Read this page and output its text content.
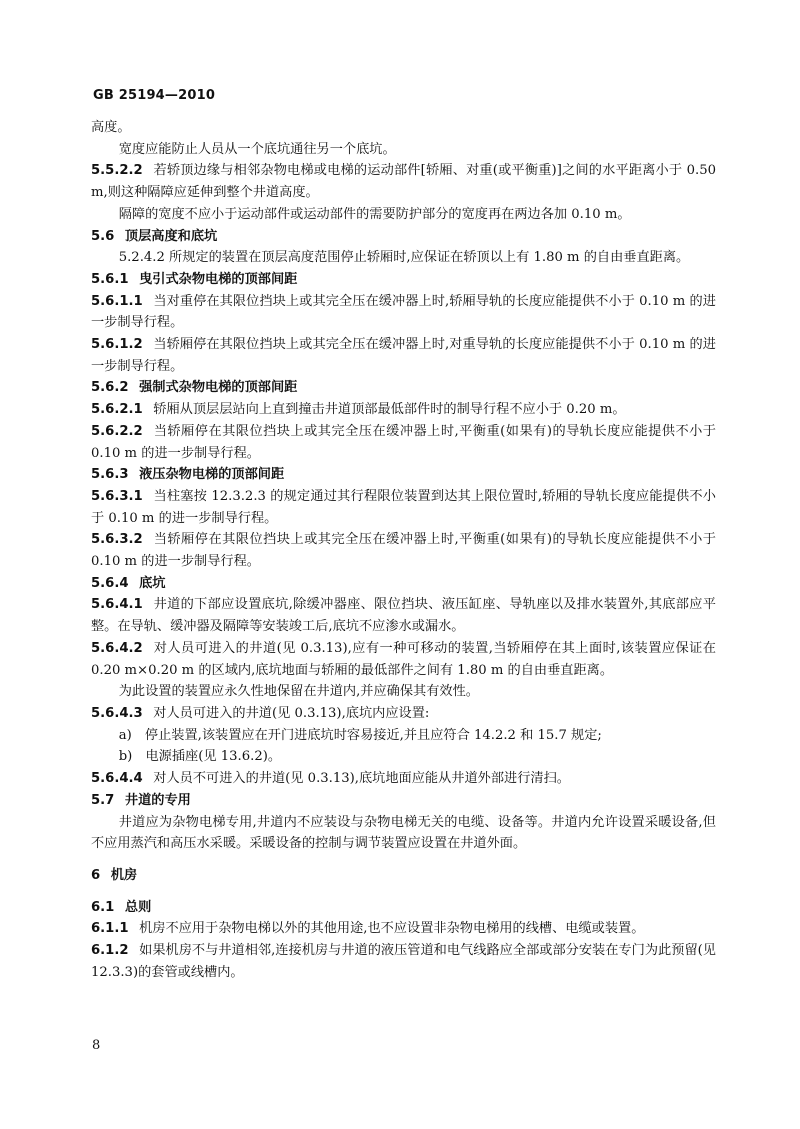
GB 25194—2010

高度。

宽度应能防止人员从一个底坑通往另一个底坑。

5.5.2.2 若轿顶边缘与相邻杂物电梯或电梯的运动部件[轿厢、对重(或平衡重)]之间的水平距离小于 0.50 m,则这种隔障应延伸到整个井道高度。

隔障的宽度不应小于运动部件或运动部件的需要防护部分的宽度再在两边各加 0.10 m。

5.6 顶层高度和底坑

5.2.4.2 所规定的装置在顶层高度范围停止轿厢时,应保证在轿顶以上有 1.80 m 的自由垂直距离。

5.6.1 曳引式杂物电梯的顶部间距

5.6.1.1 当对重停在其限位挡块上或其完全压在缓冲器上时,轿厢导轨的长度应能提供不小于 0.10 m 的进一步制导行程。

5.6.1.2 当轿厢停在其限位挡块上或其完全压在缓冲器上时,对重导轨的长度应能提供不小于 0.10 m 的进一步制导行程。

5.6.2 强制式杂物电梯的顶部间距

5.6.2.1 轿厢从顶层层站向上直到撞击井道顶部最低部件时的制导行程不应小于 0.20 m。

5.6.2.2 当轿厢停在其限位挡块上或其完全压在缓冲器上时,平衡重(如果有)的导轨长度应能提供不小于 0.10 m 的进一步制导行程。

5.6.3 液压杂物电梯的顶部间距

5.6.3.1 当柱塞按 12.3.2.3 的规定通过其行程限位装置到达其上限位置时,轿厢的导轨长度应能提供不小于 0.10 m 的进一步制导行程。

5.6.3.2 当轿厢停在其限位挡块上或其完全压在缓冲器上时,平衡重(如果有)的导轨长度应能提供不小于 0.10 m 的进一步制导行程。

5.6.4 底坑

5.6.4.1 井道的下部应设置底坑,除缓冲器座、限位挡块、液压缸座、导轨座以及排水装置外,其底部应平整。在导轨、缓冲器及隔障等安装竣工后,底坑不应渗水或漏水。

5.6.4.2 对人员可进入的井道(见 0.3.13),应有一种可移动的装置,当轿厢停在其上面时,该装置应保证在 0.20 m×0.20 m 的区域内,底坑地面与轿厢的最低部件之间有 1.80 m 的自由垂直距离。

为此设置的装置应永久性地保留在井道内,并应确保其有效性。

5.6.4.3 对人员可进入的井道(见 0.3.13),底坑内应设置:

a)　停止装置,该装置应在开门进底坑时容易接近,并且应符合 14.2.2 和 15.7 规定;

b)　电源插座(见 13.6.2)。

5.6.4.4 对人员不可进入的井道(见 0.3.13),底坑地面应能从井道外部进行清扫。

5.7 井道的专用

井道应为杂物电梯专用,井道内不应装设与杂物电梯无关的电缆、设备等。井道内允许设置采暖设备,但不应用蒸汽和高压水采暖。采暖设备的控制与调节装置应设置在井道外面。

6 机房

6.1 总则

6.1.1 机房不应用于杂物电梯以外的其他用途,也不应设置非杂物电梯用的线槽、电缆或装置。

6.1.2 如果机房不与井道相邻,连接机房与井道的液压管道和电气线路应全部或部分安装在专门为此预留(见 12.3.3)的套管或线槽内。

8
